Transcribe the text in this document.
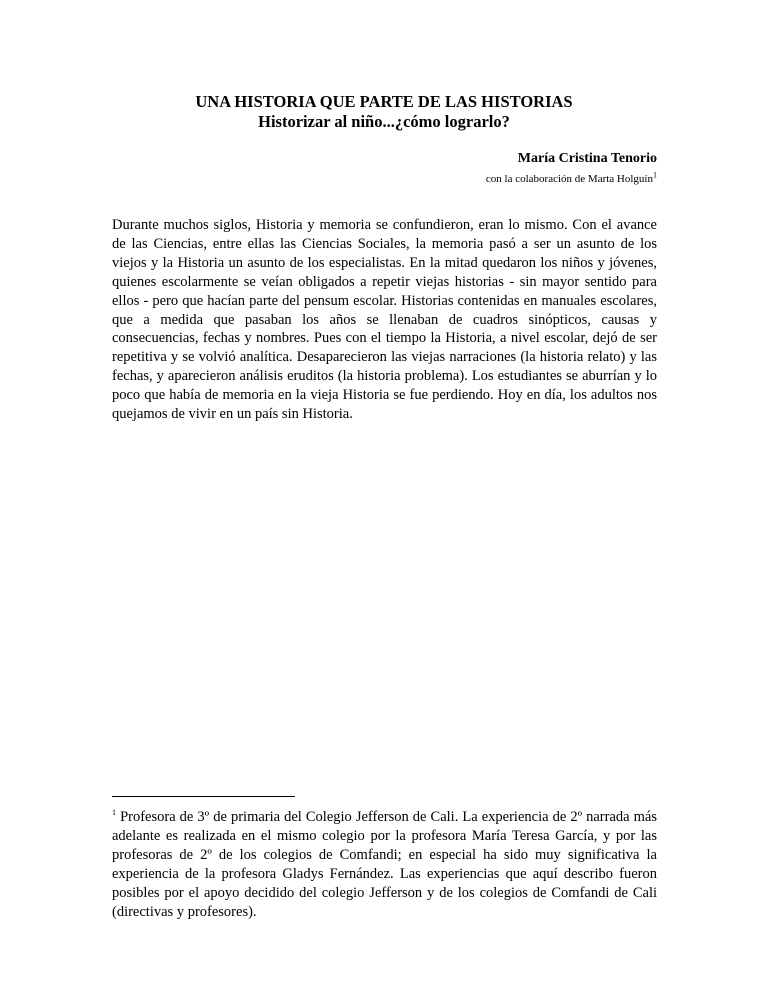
UNA HISTORIA QUE PARTE DE LAS HISTORIAS
Historizar al niño...¿cómo lograrlo?

María Cristina Tenorio

con la colaboración de Marta Holguín$^1$

Durante muchos siglos, Historia y memoria se confundieron, eran lo mismo. Con el avance de las Ciencias, entre ellas las Ciencias Sociales, la memoria pasó a ser un asunto de los viejos y la Historia un asunto de los especialistas. En la mitad quedaron los niños y jóvenes, quienes escolarmente se veían obligados a repetir viejas historias - sin mayor sentido para ellos - pero que hacían parte del pensum escolar. Historias contenidas en manuales escolares, que a medida que pasaban los años se llenaban de cuadros sinópticos, causas y consecuencias, fechas y nombres. Pues con el tiempo la Historia, a nivel escolar, dejó de ser repetitiva y se volvió analítica. Desaparecieron las viejas narraciones (la historia relato) y las fechas, y aparecieron análisis eruditos (la historia problema). Los estudiantes se aburrían y lo poco que había de memoria en la vieja Historia se fue perdiendo. Hoy en día, los adultos nos quejamos de vivir en un país sin Historia.

$^1$ Profesora de 3º de primaria del Colegio Jefferson de Cali. La experiencia de 2º narrada más adelante es realizada en el mismo colegio por la profesora María Teresa García, y por las profesoras de 2º de los colegios de Comfandi; en especial ha sido muy significativa la experiencia de la profesora Gladys Fernández. Las experiencias que aquí describo fueron posibles por el apoyo decidido del colegio Jefferson y de los colegios de Comfandi de Cali (directivas y profesores).
